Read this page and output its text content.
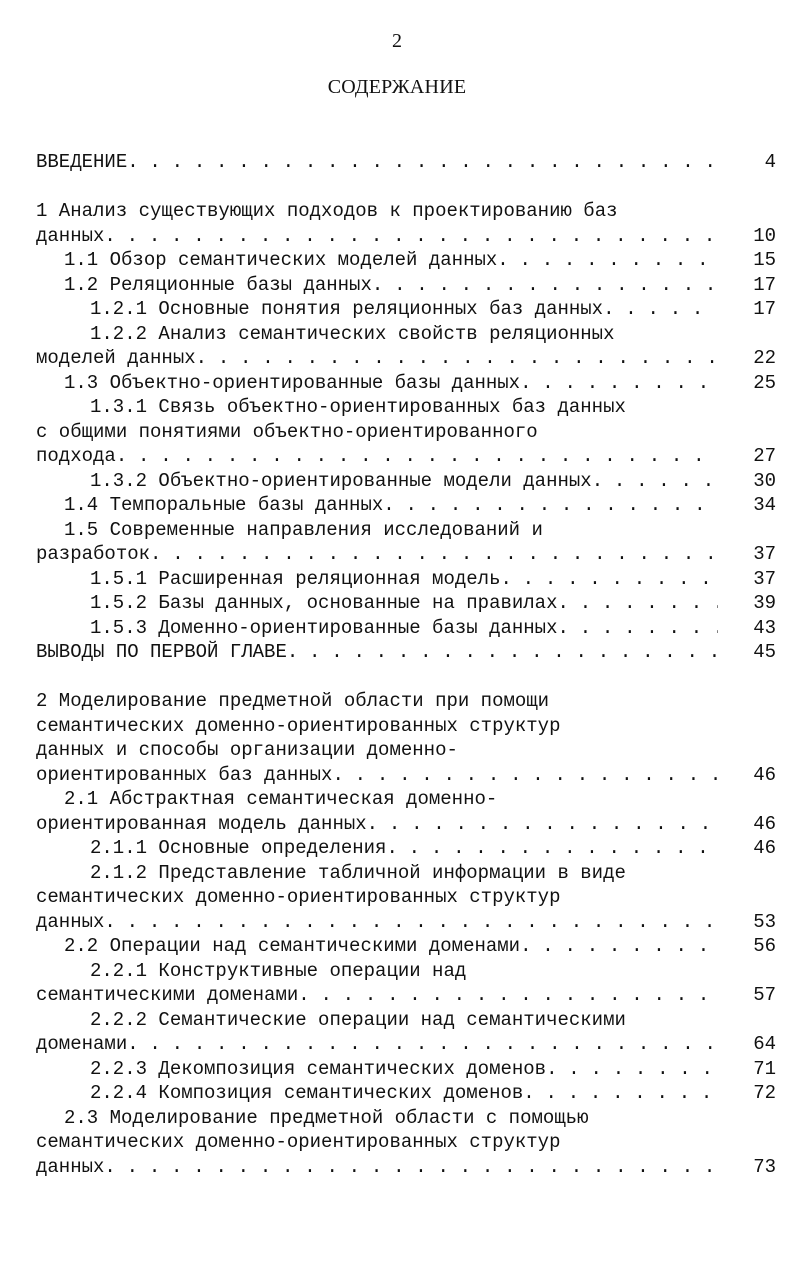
2
СОДЕРЖАНИЕ
ВВЕДЕНИЕ . . .	4
1 Анализ существующих подходов к проектированию баз
данных . . .	10
1.1 Обзор семантических моделей данных . . .	15
1.2 Реляционные базы данных . . .	17
1.2.1 Основные понятия реляционных баз данных . . .	17
1.2.2 Анализ семантических свойств реляционных
моделей данных . . .	22
1.3 Объектно-ориентированные базы данных . . .	25
1.3.1 Связь объектно-ориентированных баз данных
с общими понятиями объектно-ориентированного
подхода . . .	27
1.3.2 Объектно-ориентированные модели данных . . .	30
1.4 Темпоральные базы данных . . .	34
1.5 Современные направления исследований и
разработок . . .	37
1.5.1 Расширенная реляционная модель . . .	37
1.5.2 Базы данных, основанные на правилах . . .	39
1.5.3 Доменно-ориентированные базы данных . . .	43
ВЫВОДЫ ПО ПЕРВОЙ ГЛАВЕ . . .	45
2 Моделирование предметной области при помощи
семантических доменно-ориентированных структур
данных и способы организации доменно-
ориентированных баз данных . . .	46
2.1 Абстрактная семантическая доменно-
ориентированная модель данных . . .	46
2.1.1 Основные определения . . .	46
2.1.2 Представление табличной информации в виде
семантических доменно-ориентированных структур
данных . . .	53
2.2 Операции над семантическими доменами . . .	56
2.2.1 Конструктивные операции над
семантическими доменами . . .	57
2.2.2 Семантические операции над семантическими
доменами . . .	64
2.2.3 Декомпозиция семантических доменов . . .	71
2.2.4 Композиция семантических доменов . . .	72
2.3 Моделирование предметной области с помощью
семантических доменно-ориентированных структур
данных . . .	73
